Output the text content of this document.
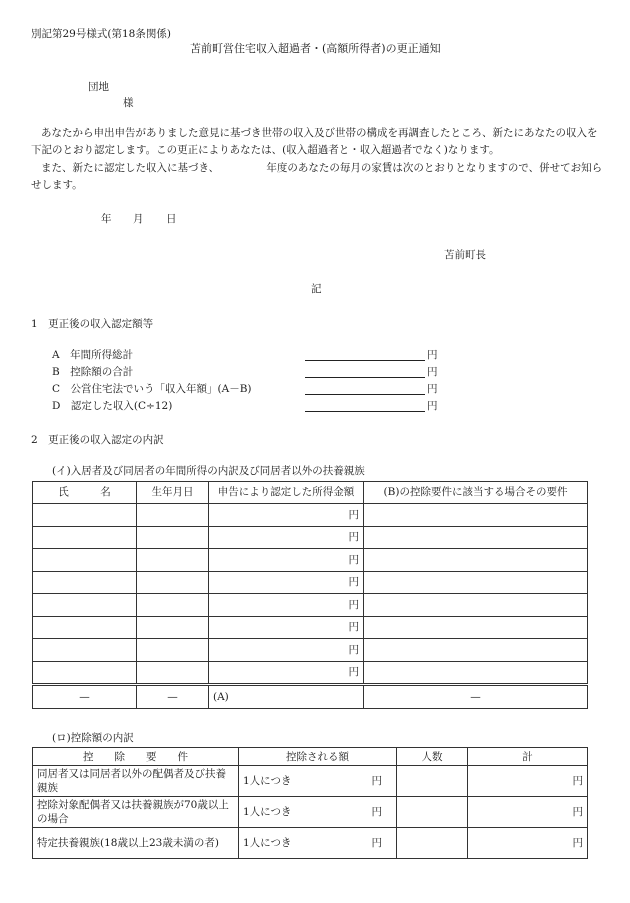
別記第29号様式(第18条関係)
苫前町営住宅収入超過者・(高額所得者)の更正通知
団地
様
あなたから申出申告がありました意見に基づき世帯の収入及び世帯の構成を再調査したところ、新たにあなたの収入を下記のとおり認定します。この更正によりあなたは、(収入超過者と・収入超過者でなく)なります。
また、新たに認定した収入に基づき、　　　　　年度のあなたの毎月の家賃は次のとおりとなりますので、併せてお知らせします。
年 月 日
苫前町長
記
1　更正後の収入認定額等
A　年間所得総計	円
B　控除額の合計	円
C　公営住宅法でいう「収入年額」(A－B)	円
D　認定した収入(C÷12)	円
2　更正後の収入認定の内訳
(イ)入居者及び同居者の年間所得の内訳及び同居者以外の扶養親族
氏　　　名	生年月日	申告により認定した所得金額	(B)の控除要件に該当する場合その要件
		円	
		円	
		円	
		円	
		円	
		円	
		円	
		円	
—	—	(A)	—
(ロ)控除額の内訳
控　　除　　要　　件	控除される額	人数	計
同居者又は同居者以外の配偶者及び扶養親族	1人につき 円		円
控除対象配偶者又は扶養親族が70歳以上の場合	1人につき 円		円
特定扶養親族(18歳以上23歳未満の者)	1人につき 円		円
